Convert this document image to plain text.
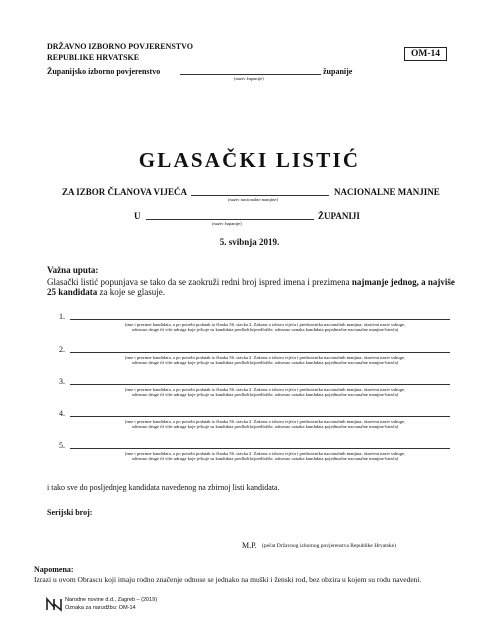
DRŽAVNO IZBORNO POVJERENSTVO
REPUBLIKE HRVATSKE	OM-14
Županijsko izborno povjerenstvo	županije
(naziv županije)
GLASAČKI LISTIĆ
ZA IZBOR ČLANOVA VIJEĆA	NACIONALNE MANJINE
(naziv nacionalne manjine)
U	ŽUPANIJI
(naziv županije)
5. svibnja 2019.
Važna uputa:
Glasački listić popunjava se tako da se zaokruži redni broj ispred imena i prezimena najmanje jednog, a najviše 25 kandidata za koje se glasuje.
1.
(ime i prezime kandidata, a po potrebi podatak iz članka 56. stavka 2. Zakona o izboru vijeća i predstavnika nacionalnih manjina, skraćeni naziv udruge,
odnosno druge ili više udruga koje je/koje su kandidata predložila/predložile, odnosno oznaka kandidata pojedinačne nacionalne manjine-birača)
2.
(ime i prezime kandidata, a po potrebi podatak iz članka 56. stavka 2. Zakona o izboru vijeća i predstavnika nacionalnih manjina, skraćeni naziv udruge,
odnosno druge ili više udruga koje je/koje su kandidata predložila/predložile, odnosno oznaka kandidata pojedinačne nacionalne manjine-birača)
3.
(ime i prezime kandidata, a po potrebi podatak iz članka 56. stavka 2. Zakona o izboru vijeća i predstavnika nacionalnih manjina, skraćeni naziv udruge,
odnosno druge ili više udruga koje je/koje su kandidata predložila/predložile, odnosno oznaka kandidata pojedinačne nacionalne manjine-birača)
4.
(ime i prezime kandidata, a po potrebi podatak iz članka 56. stavka 2. Zakona o izboru vijeća i predstavnika nacionalnih manjina, skraćeni naziv udruge,
odnosno druge ili više udruga koje je/koje su kandidata predložila/predložile, odnosno oznaka kandidata pojedinačne nacionalne manjine-birača)
5.
(ime i prezime kandidata, a po potrebi podatak iz članka 56. stavka 2. Zakona o izboru vijeća i predstavnika nacionalnih manjina, skraćeni naziv udruge,
odnosno druge ili više udruga koje je/koje su kandidata predložila/predložile, odnosno oznaka kandidata pojedinačne nacionalne manjine-birača)
i tako sve do posljednjeg kandidata navedenog na zbirnoj listi kandidata.
Serijski broj:
M.P. (pečat Državnog izbornog povjerenstva Republike Hrvatske)
Napomena:
Izrazi u ovom Obrascu koji imaju rodno značenje odnose se jednako na muški i ženski rod, bez obzira u kojem su rodu navedeni.
Narodne novine d.d., Zagreb – (2019)
Oznaka za narudžbu: OM-14
